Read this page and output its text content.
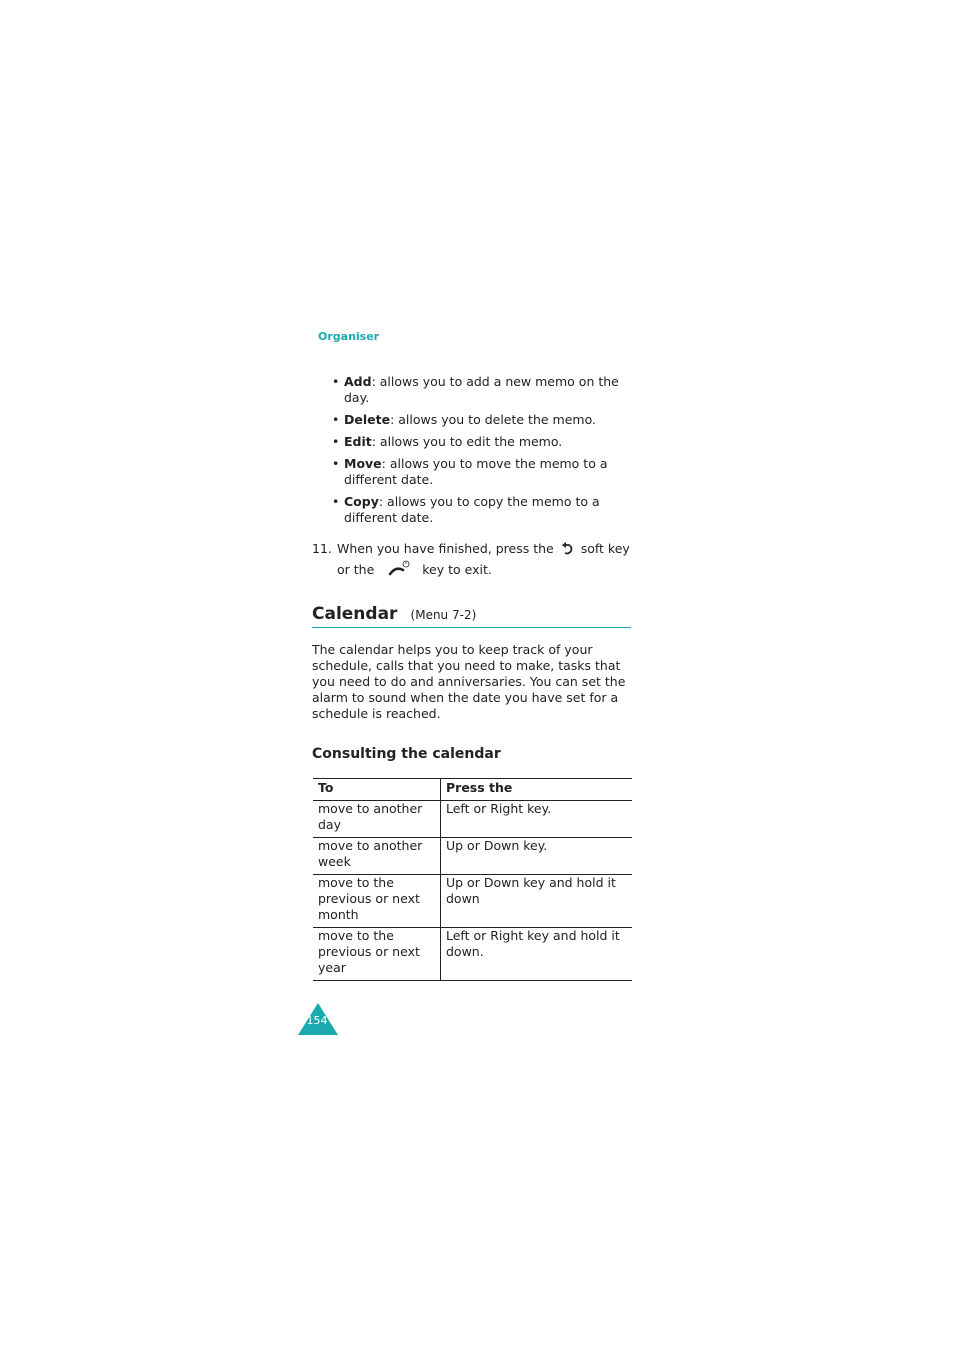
Organiser
• Add: allows you to add a new memo on the day.
• Delete: allows you to delete the memo.
• Edit: allows you to edit the memo.
• Move: allows you to move the memo to a different date.
• Copy: allows you to copy the memo to a different date.
11. When you have finished, press the soft key or the	key to exit.
Calendar (Menu 7-2)
The calendar helps you to keep track of your schedule, calls that you need to make, tasks that you need to do and anniversaries. You can set the alarm to sound when the date you have set for a schedule is reached.
Consulting the calendar
To	Press the
move to another day	Left or Right key.
move to another week	Up or Down key.
move to the previous or next month	Up or Down key and hold it down
move to the previous or next year	Left or Right key and hold it down.
154
